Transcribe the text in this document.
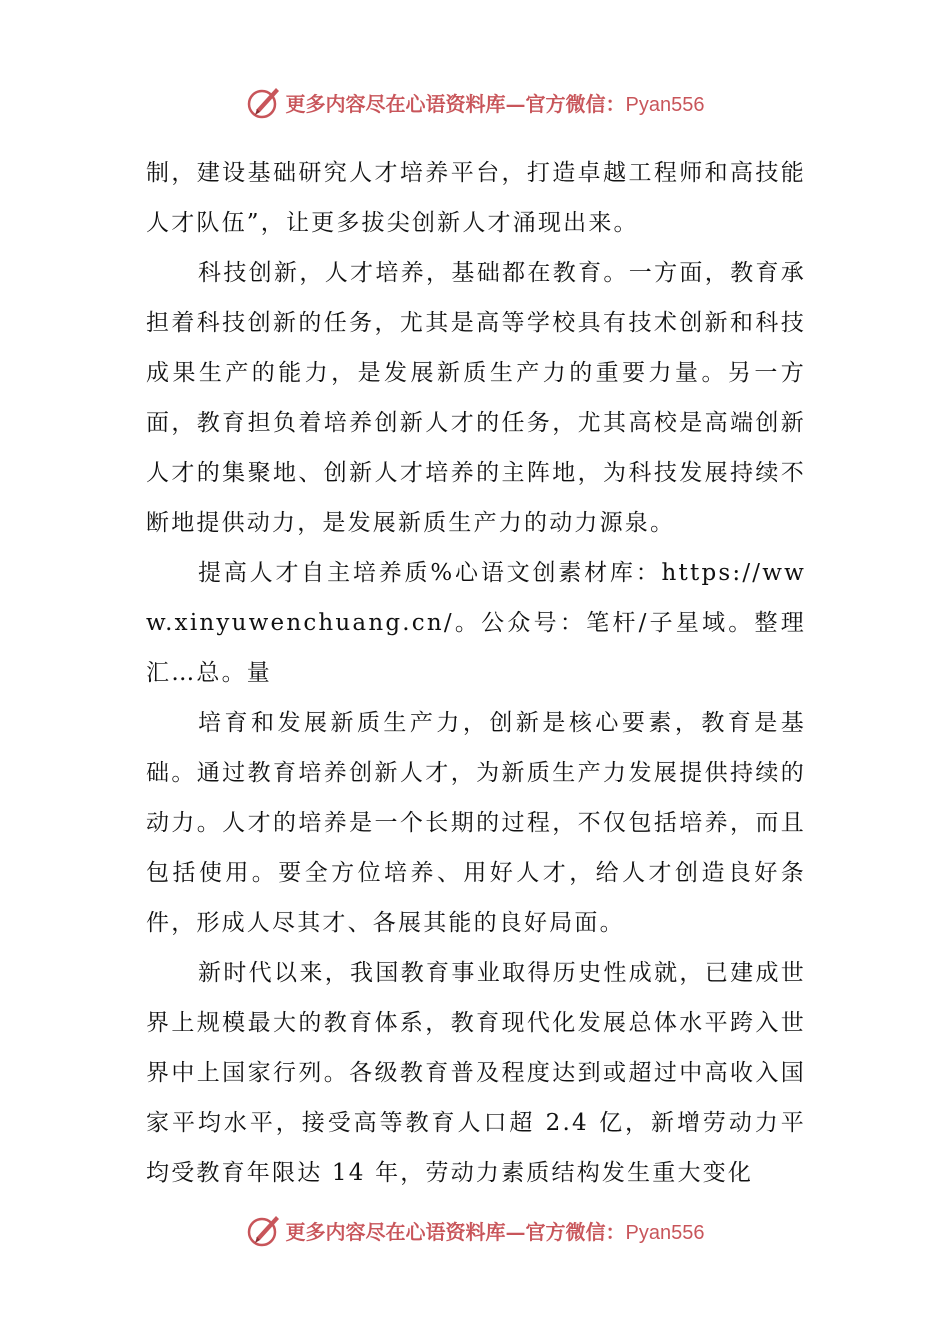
更多内容尽在心语资料库—官方微信：Pyan556

制，建设基础研究人才培养平台，打造卓越工程师和高技能人才队伍”，让更多拔尖创新人才涌现出来。

科技创新，人才培养，基础都在教育。一方面，教育承担着科技创新的任务，尤其是高等学校具有技术创新和科技成果生产的能力，是发展新质生产力的重要力量。另一方面，教育担负着培养创新人才的任务，尤其高校是高端创新人才的集聚地、创新人才培养的主阵地，为科技发展持续不断地提供动力，是发展新质生产力的动力源泉。

提高人才自主培养质%心语文创素材库：https://www.xinyuwenchuang.cn/。公众号：笔杆/子星域。整理汇…总。量

培育和发展新质生产力，创新是核心要素，教育是基础。通过教育培养创新人才，为新质生产力发展提供持续的动力。人才的培养是一个长期的过程，不仅包括培养，而且包括使用。要全方位培养、用好人才，给人才创造良好条件，形成人尽其才、各展其能的良好局面。

新时代以来，我国教育事业取得历史性成就，已建成世界上规模最大的教育体系，教育现代化发展总体水平跨入世界中上国家行列。各级教育普及程度达到或超过中高收入国家平均水平，接受高等教育人口超 2.4 亿，新增劳动力平均受教育年限达 14 年，劳动力素质结构发生重大变化

更多内容尽在心语资料库—官方微信：Pyan556
